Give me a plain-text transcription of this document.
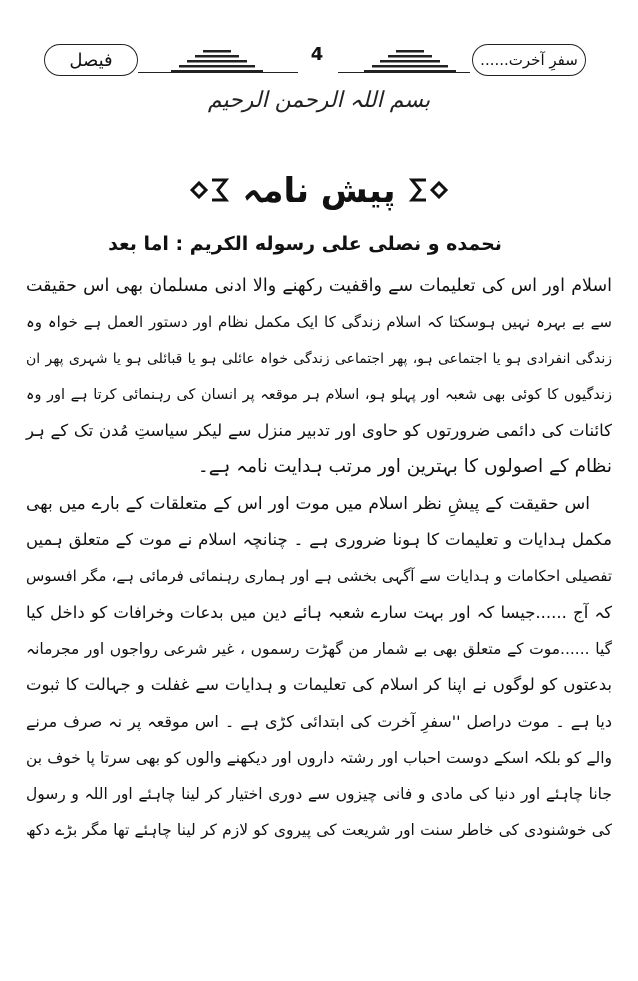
فیصل	4	سفرِ آخرت......
بسم اللہ الرحمن الرحیم
پیش نامہ
نحمده و نصلی علی رسوله الکریم : اما بعد

اسلام اور اس کی تعلیمات سے واقفیت رکھنے والا ادنی مسلمان بھی اس حقیقت
سے بے بہرہ نہیں ہوسکتا کہ اسلام زندگی کا ایک مکمل نظام اور دستور العمل ہے خواہ وہ
زندگی انفرادی ہو یا اجتماعی ہو، پھر اجتماعی زندگی خواہ عائلی ہو یا قبائلی ہو یا شہری پھر ان
زندگیوں کا کوئی بھی شعبہ اور پہلو ہو، اسلام ہر موقعہ پر انسان کی رہنمائی کرتا ہے اور وہ
کائنات کی دائمی ضرورتوں کو حاوی اور تدبیر منزل سے لیکر سیاستِ مُدن تک کے ہر
نظام کے اصولوں کا بہترین اور مرتب ہدایت نامہ ہے۔

اس حقیقت کے پیشِ نظر اسلام میں موت اور اس کے متعلقات کے بارے میں بھی
مکمل ہدایات و تعلیمات کا ہونا ضروری ہے ۔ چنانچہ اسلام نے موت کے متعلق ہمیں
تفصیلی احکامات و ہدایات سے آگہی بخشی ہے اور ہماری رہنمائی فرمائی ہے، مگر افسوس
کہ آج ......جیسا کہ اور بہت سارے شعبہ ہائے دین میں بدعات وخرافات کو داخل کیا
گیا ......موت کے متعلق بھی بے شمار من گھڑت رسموں ، غیر شرعی رواجوں اور مجرمانہ
بدعتوں کو لوگوں نے اپنا کر اسلام کی تعلیمات و ہدایات سے غفلت و جہالت کا ثبوت
دیا ہے ۔ موت دراصل ''سفرِ آخرت کی ابتدائی کڑی ہے ۔ اس موقعہ پر نہ صرف مرنے
والے کو بلکہ اسکے دوست احباب اور رشتہ داروں اور دیکھنے والوں کو بھی سرتا پا خوف بن
جانا چاہئے اور دنیا کی مادی و فانی چیزوں سے دوری اختیار کر لینا چاہئے اور اللہ و رسول
کی خوشنودی کی خاطر سنت اور شریعت کی پیروی کو لازم کر لینا چاہئے تھا مگر بڑے دکھ
